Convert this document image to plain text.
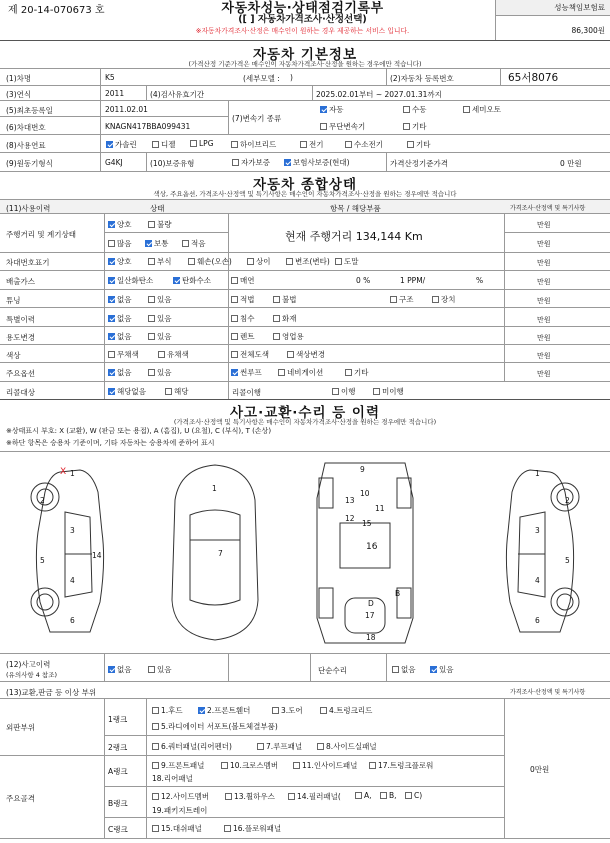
제 20-14-070673 호	자동차성능·상태점검기록부
([ ] 자동차가격조사·산정선택)
※자동차가격조사·산정은 매수인이 원하는 경우 제공하는 서비스 입니다.
성능책임보험료
86,300원
자동차 기본정보
(가격산정 기준가격은 매수인이 자동차가격조사·산정을 원하는 경우에만 적습니다)
(1)차명	K5	(세부모델 : )	(2)자동차 등록번호	65서8076
(3)연식	2011	(4)검사유효기간	2025.02.01부터 ~ 2027.01.31까지
(5)최초등록일	2011.02.01
(7)변속기 종류
자동	수동	세미오토
무단변속기	기타
(6)차대번호	KNAGN417BBA099431
(8)사용연료	가솔린	디젤	LPG	하이브리드	전기	수소전기	기타
(9)원동기형식	G4KJ	(10)보증유형	자가보증	보험사보증(현대)	가격산정기준가격	0 만원
자동차 종합상태
색상, 주요옵션, 가격조사·산정액 및 특기사항은 매수인이 자동차가격조사·산정을 원하는 경우에만 적습니다
(11)사용이력	상태	항목 / 해당부품	가격조사·산정액 및 특기사항
주행거리 및 계기상태
양호	불량
많음	보통	적음
현재 주행거리 134,144 Km
만원
만원
차대번호표기	양호	부식	훼손(오손)	상이	변조(변타)	도말	만원
배출가스	일산화탄소	탄화수소	매연	0 %	1 PPM/	%	만원
튜닝	없음	있음	적법	불법	구조	장치	만원
특별이력	없음	있음	침수	화재	만원
용도변경	없음	있음	렌트	영업용	만원
색상	무채색	유채색	전체도색	색상변경	만원
주요옵션	없음	있음	썬루프	네비게이션	기타	만원
리콜대상	해당없음	해당	리콜이행	이행	미이행
사고·교환·수리 등 이력
(가격조사·산정액 및 특기사항은 매수인이 자동차가격조사·산정을 원하는 경우에만 적습니다)
※상태표시 부호: X (교환), W (판금 또는 용접), A (흠집), U (요철), C (부식), T (손상)
※하단 항목은 승용차 기준이며, 기타 자동차는 승용차에 준하여 표시
X 1
2
3
4
5
6
14
1
7
9
10
11
12
13
15
16
D
B
17
18
1
2
3
4
5
6
(12)사고이력
(유의사항 4 참조)
없음	있음	단순수리	없음	있음
(13)교환,판금 등 이상 부위	가격조사·산정액 및 특기사항
외판부위
1랭크
1.후드	2.프론트휀더	3.도어	4.트렁크리드
5.라디에이터 서포트(볼트체결부품)
2랭크	6.쿼터패널(리어펜더)	7.루프패널	8.사이드실패널
주요골격
A랭크
9.프론트패널	10.크로스멤버	11.인사이드패널	17.트렁크플로워
18.리어패널
B랭크
12.사이드멤버	13.휠하우스	14.필러패널(	A,	B,	C)
19.패키지트레이
C랭크	15.대쉬패널	16.플로워패널
0만원
